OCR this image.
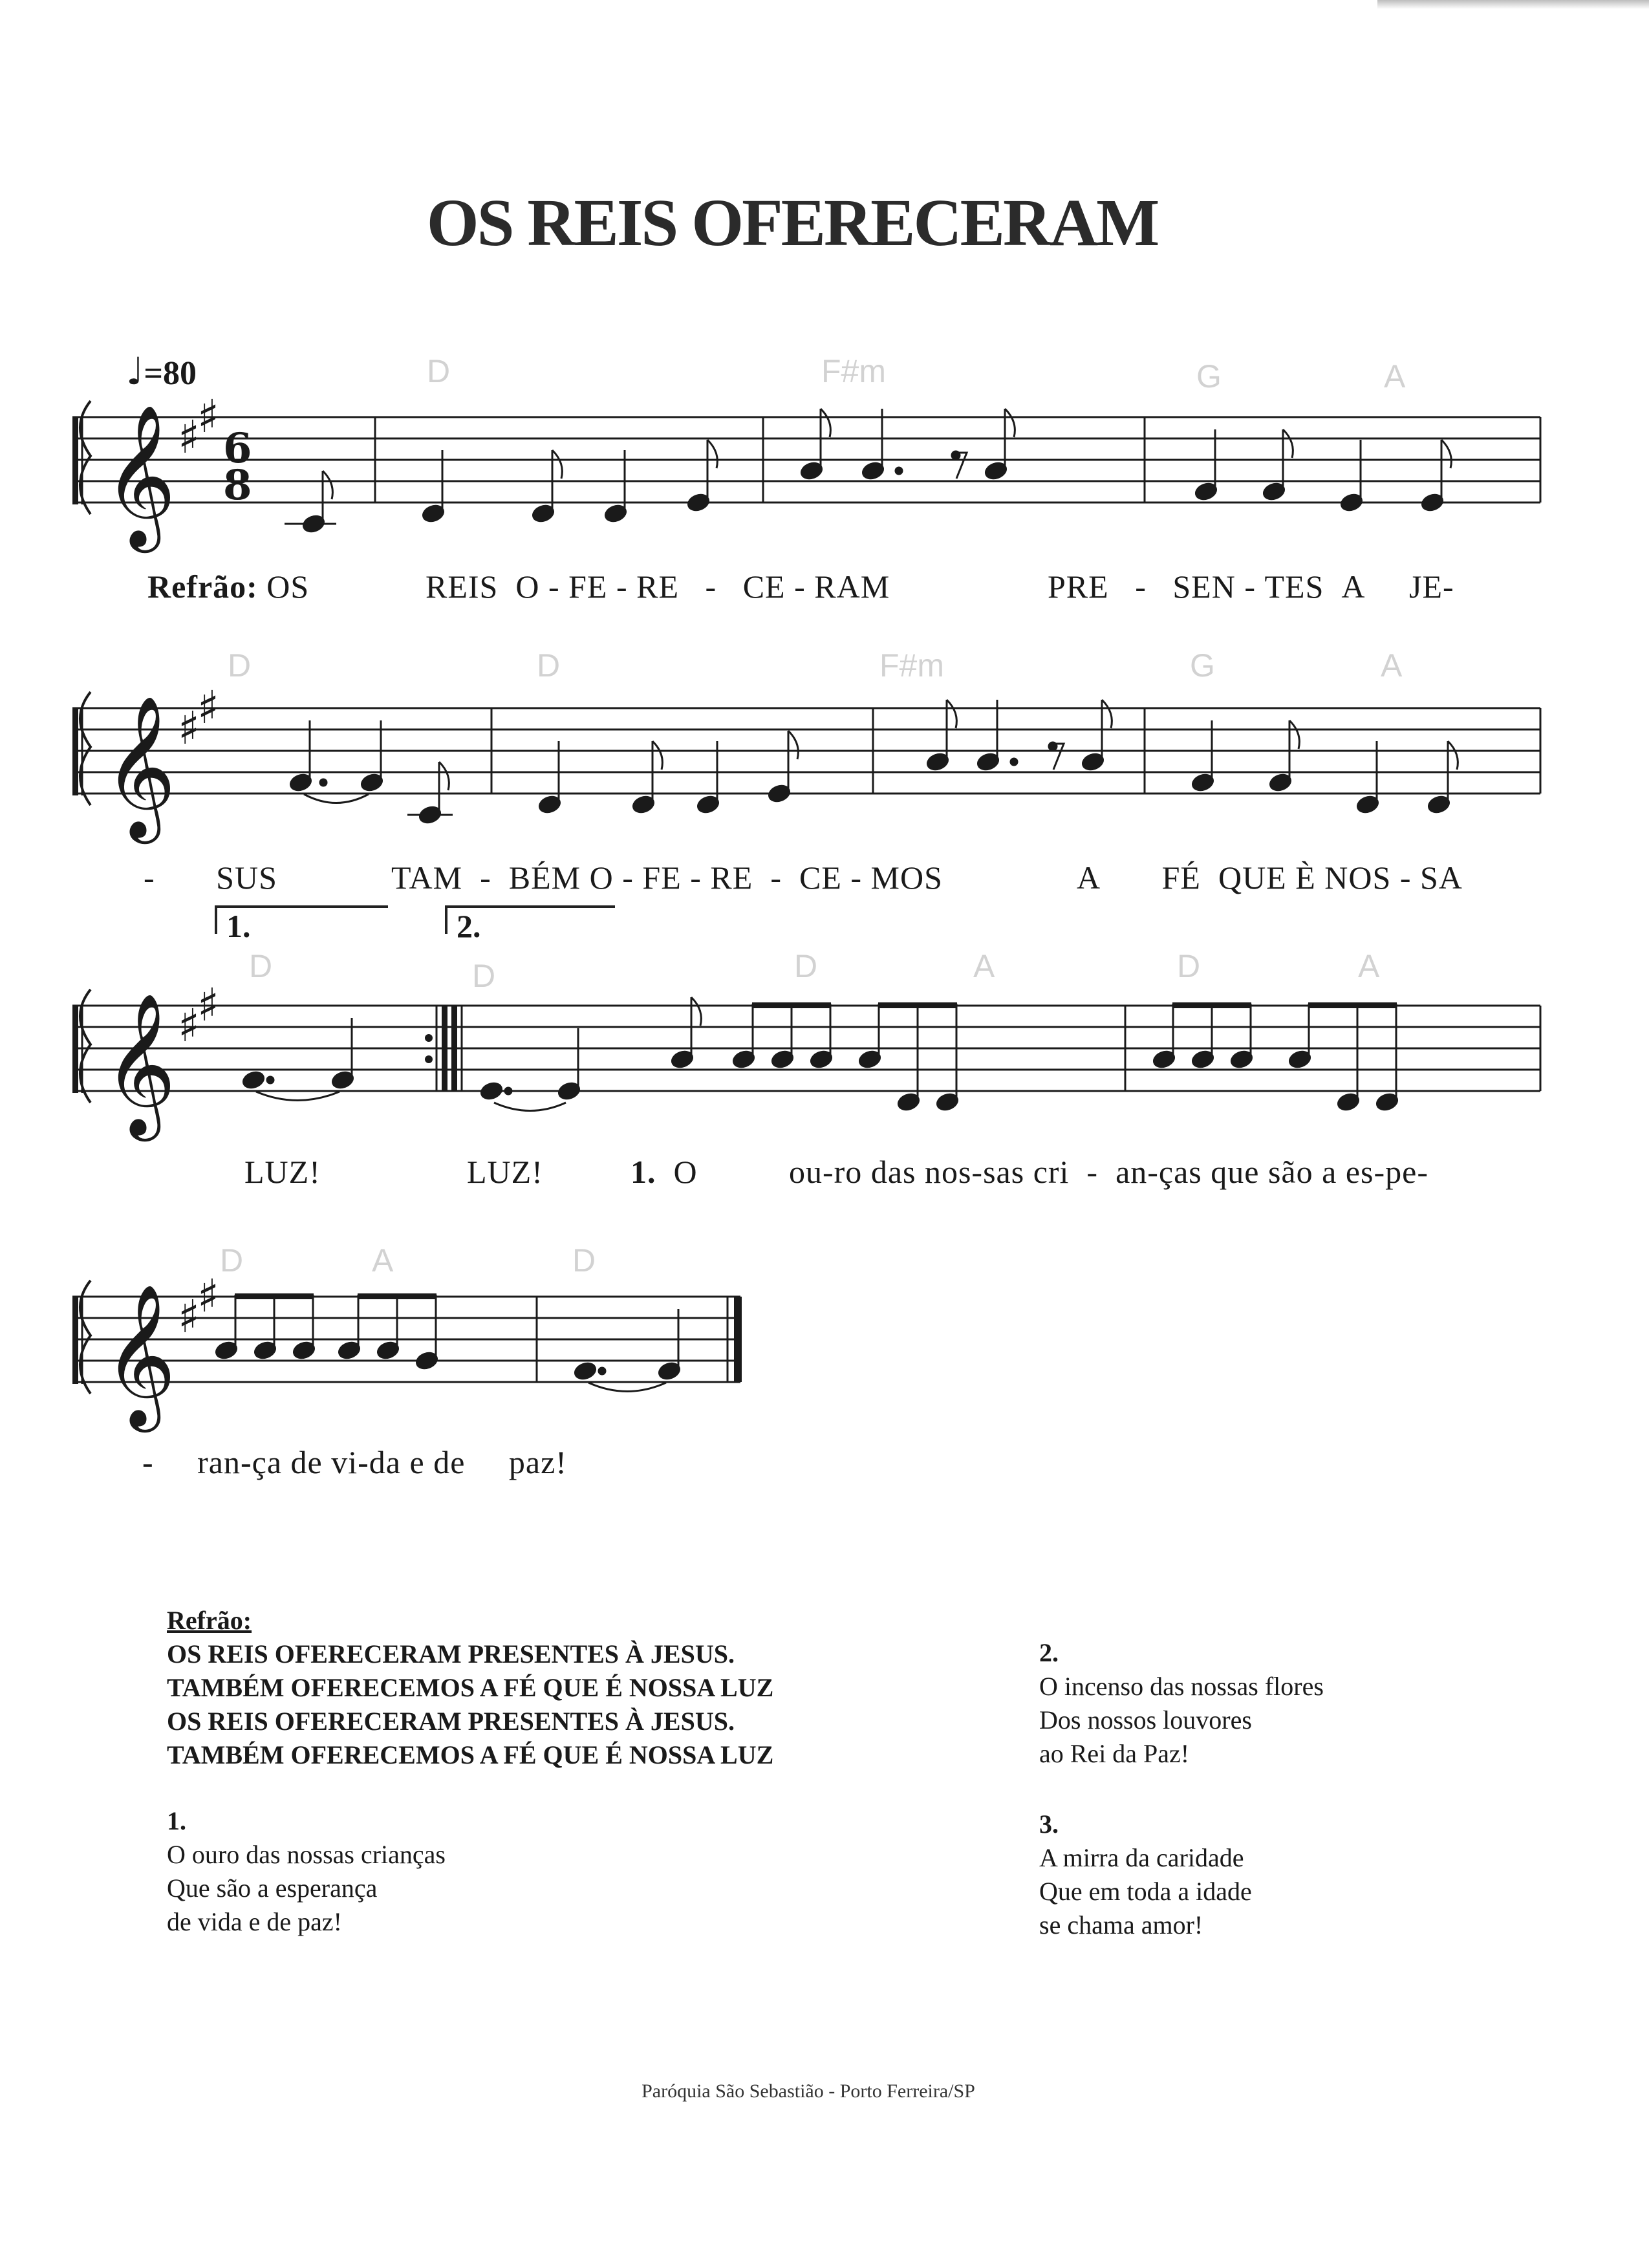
OS REIS OFERECERAM
♩=80	D	F#m	G	A
𝄞 ♯
♯
6
8
Refrão: OS	REIS O - FE - RE - CE - RAM	PRE - SEN - TES A JE-
D	D	F#m	G	A
𝄞 ♯
♯
- SUS	TAM - BÉM O - FE - RE - CE - MOS	A FÉ QUE È NOS - SA
1.	2.
D	D	D	A	D	A
𝄞 ♯
♯
LUZ!	LUZ!	1. O	ou-ro das nos-sas cri - an-ças que são a es-pe-
D	A	D
𝄞 ♯
♯
- ran-ça de vi-da e de paz!
Refrão:
OS REIS OFERECERAM PRESENTES À JESUS.
TAMBÉM OFERECEMOS A FÉ QUE É NOSSA LUZ
OS REIS OFERECERAM PRESENTES À JESUS.
TAMBÉM OFERECEMOS A FÉ QUE É NOSSA LUZ
1.
O ouro das nossas crianças
Que são a esperança
de vida e de paz!
2.
O incenso das nossas flores
Dos nossos louvores
ao Rei da Paz!
3.
A mirra da caridade
Que em toda a idade
se chama amor!
Paróquia São Sebastião - Porto Ferreira/SP
